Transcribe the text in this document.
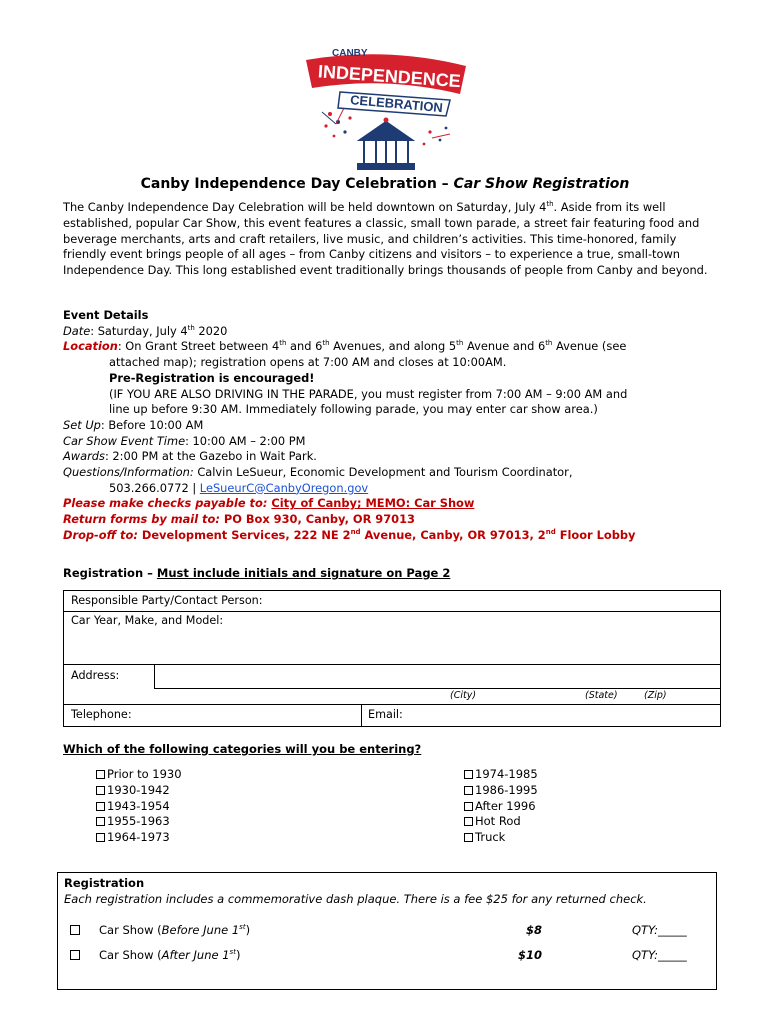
CANBY
INDEPENDENCE DAY
CELEBRATION
Canby Independence Day Celebration – Car Show Registration
The Canby Independence Day Celebration will be held downtown on Saturday, July 4th. Aside from its well established, popular Car Show, this event features a classic, small town parade, a street fair featuring food and beverage merchants, arts and craft retailers, live music, and children’s activities. This time-honored, family friendly event brings people of all ages – from Canby citizens and visitors – to experience a true, small-town Independence Day. This long established event traditionally brings thousands of people from Canby and beyond.
Event Details
Date: Saturday, July 4th 2020
Location: On Grant Street between 4th and 6th Avenues, and along 5th Avenue and 6th Avenue (see
attached map); registration opens at 7:00 AM and closes at 10:00AM.
Pre-Registration is encouraged!
(IF YOU ARE ALSO DRIVING IN THE PARADE, you must register from 7:00 AM – 9:00 AM and
line up before 9:30 AM. Immediately following parade, you may enter car show area.)
Set Up: Before 10:00 AM
Car Show Event Time: 10:00 AM – 2:00 PM
Awards: 2:00 PM at the Gazebo in Wait Park.
Questions/Information: Calvin LeSueur, Economic Development and Tourism Coordinator,
503.266.0772 | LeSueurC@CanbyOregon.gov
Please make checks payable to: City of Canby; MEMO: Car Show
Return forms by mail to: PO Box 930, Canby, OR 97013
Drop-off to: Development Services, 222 NE 2nd Avenue, Canby, OR 97013, 2nd Floor Lobby
Registration – Must include initials and signature on Page 2
Responsible Party/Contact Person:
Car Year, Make, and Model:
Address:
(City)	(State)	(Zip)
Telephone:	Email:
Which of the following categories will you be entering?
Prior to 1930
1930-1942
1943-1954
1955-1963
1964-1973
1974-1985
1986-1995
After 1996
Hot Rod
Truck
Registration
Each registration includes a commemorative dash plaque. There is a fee $25 for any returned check.
Car Show (Before June 1st)	$8	QTY:_____
Car Show (After June 1st)	$10	QTY:_____
